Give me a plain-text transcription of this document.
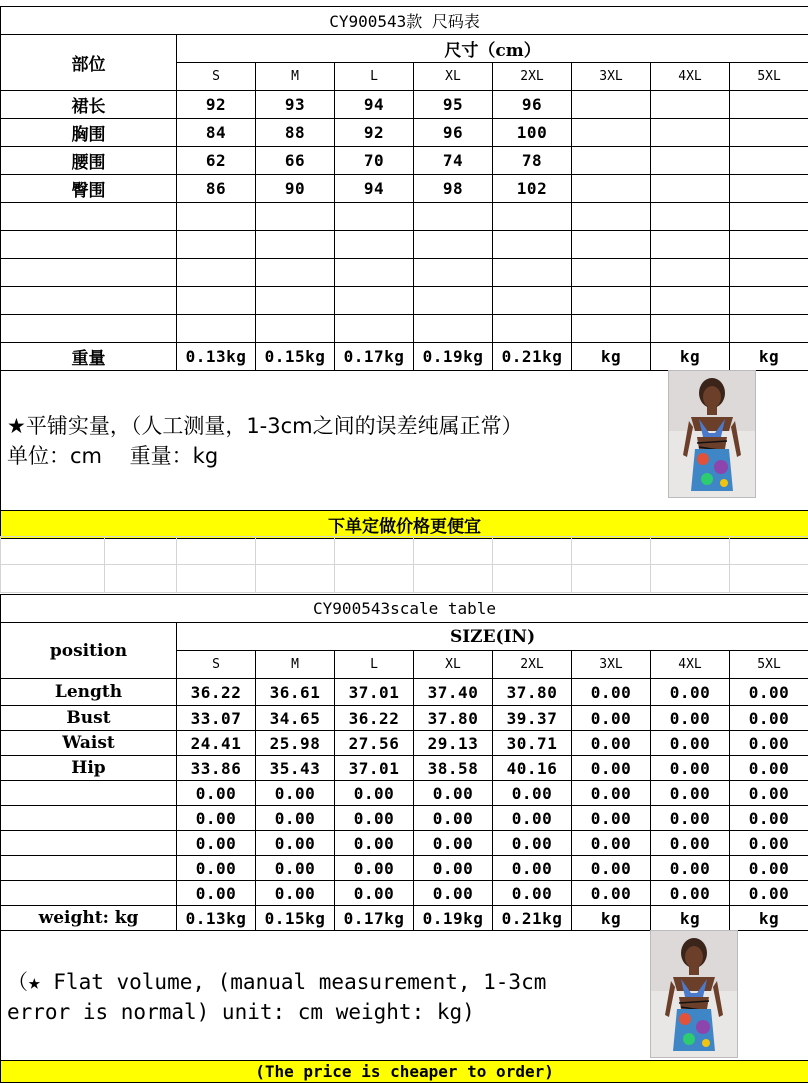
CY900543款 尺码表								
部位	尺寸（cm）							
	S	M	L	XL	2XL	3XL	4XL	5XL
裙长	92	93	94	95	96			
胸围	84	88	92	96	100			
腰围	62	66	70	74	78			
臀围	86	90	94	98	102			

重量	0.13kg	0.15kg	0.17kg	0.19kg	0.21kg	kg	kg	kg

★平铺实量，（人工测量，1-3cm之间的误差纯属正常）
单位：cm　 重量：kg								

下单定做价格更便宜								

CY900543scale table								
position	SIZE(IN)							
	S	M	L	XL	2XL	3XL	4XL	5XL
Length	36.22	36.61	37.01	37.40	37.80	0.00	0.00	0.00
Bust	33.07	34.65	36.22	37.80	39.37	0.00	0.00	0.00
Waist	24.41	25.98	27.56	29.13	30.71	0.00	0.00	0.00
Hip	33.86	35.43	37.01	38.58	40.16	0.00	0.00	0.00
	0.00	0.00	0.00	0.00	0.00	0.00	0.00	0.00
	0.00	0.00	0.00	0.00	0.00	0.00	0.00	0.00
	0.00	0.00	0.00	0.00	0.00	0.00	0.00	0.00
	0.00	0.00	0.00	0.00	0.00	0.00	0.00	0.00
	0.00	0.00	0.00	0.00	0.00	0.00	0.00	0.00
weight: kg	0.13kg	0.15kg	0.17kg	0.19kg	0.21kg	kg	kg	kg

（★ Flat volume, (manual measurement, 1-3cm
error is normal) unit: cm weight: kg)								

(The price is cheaper to order)								
